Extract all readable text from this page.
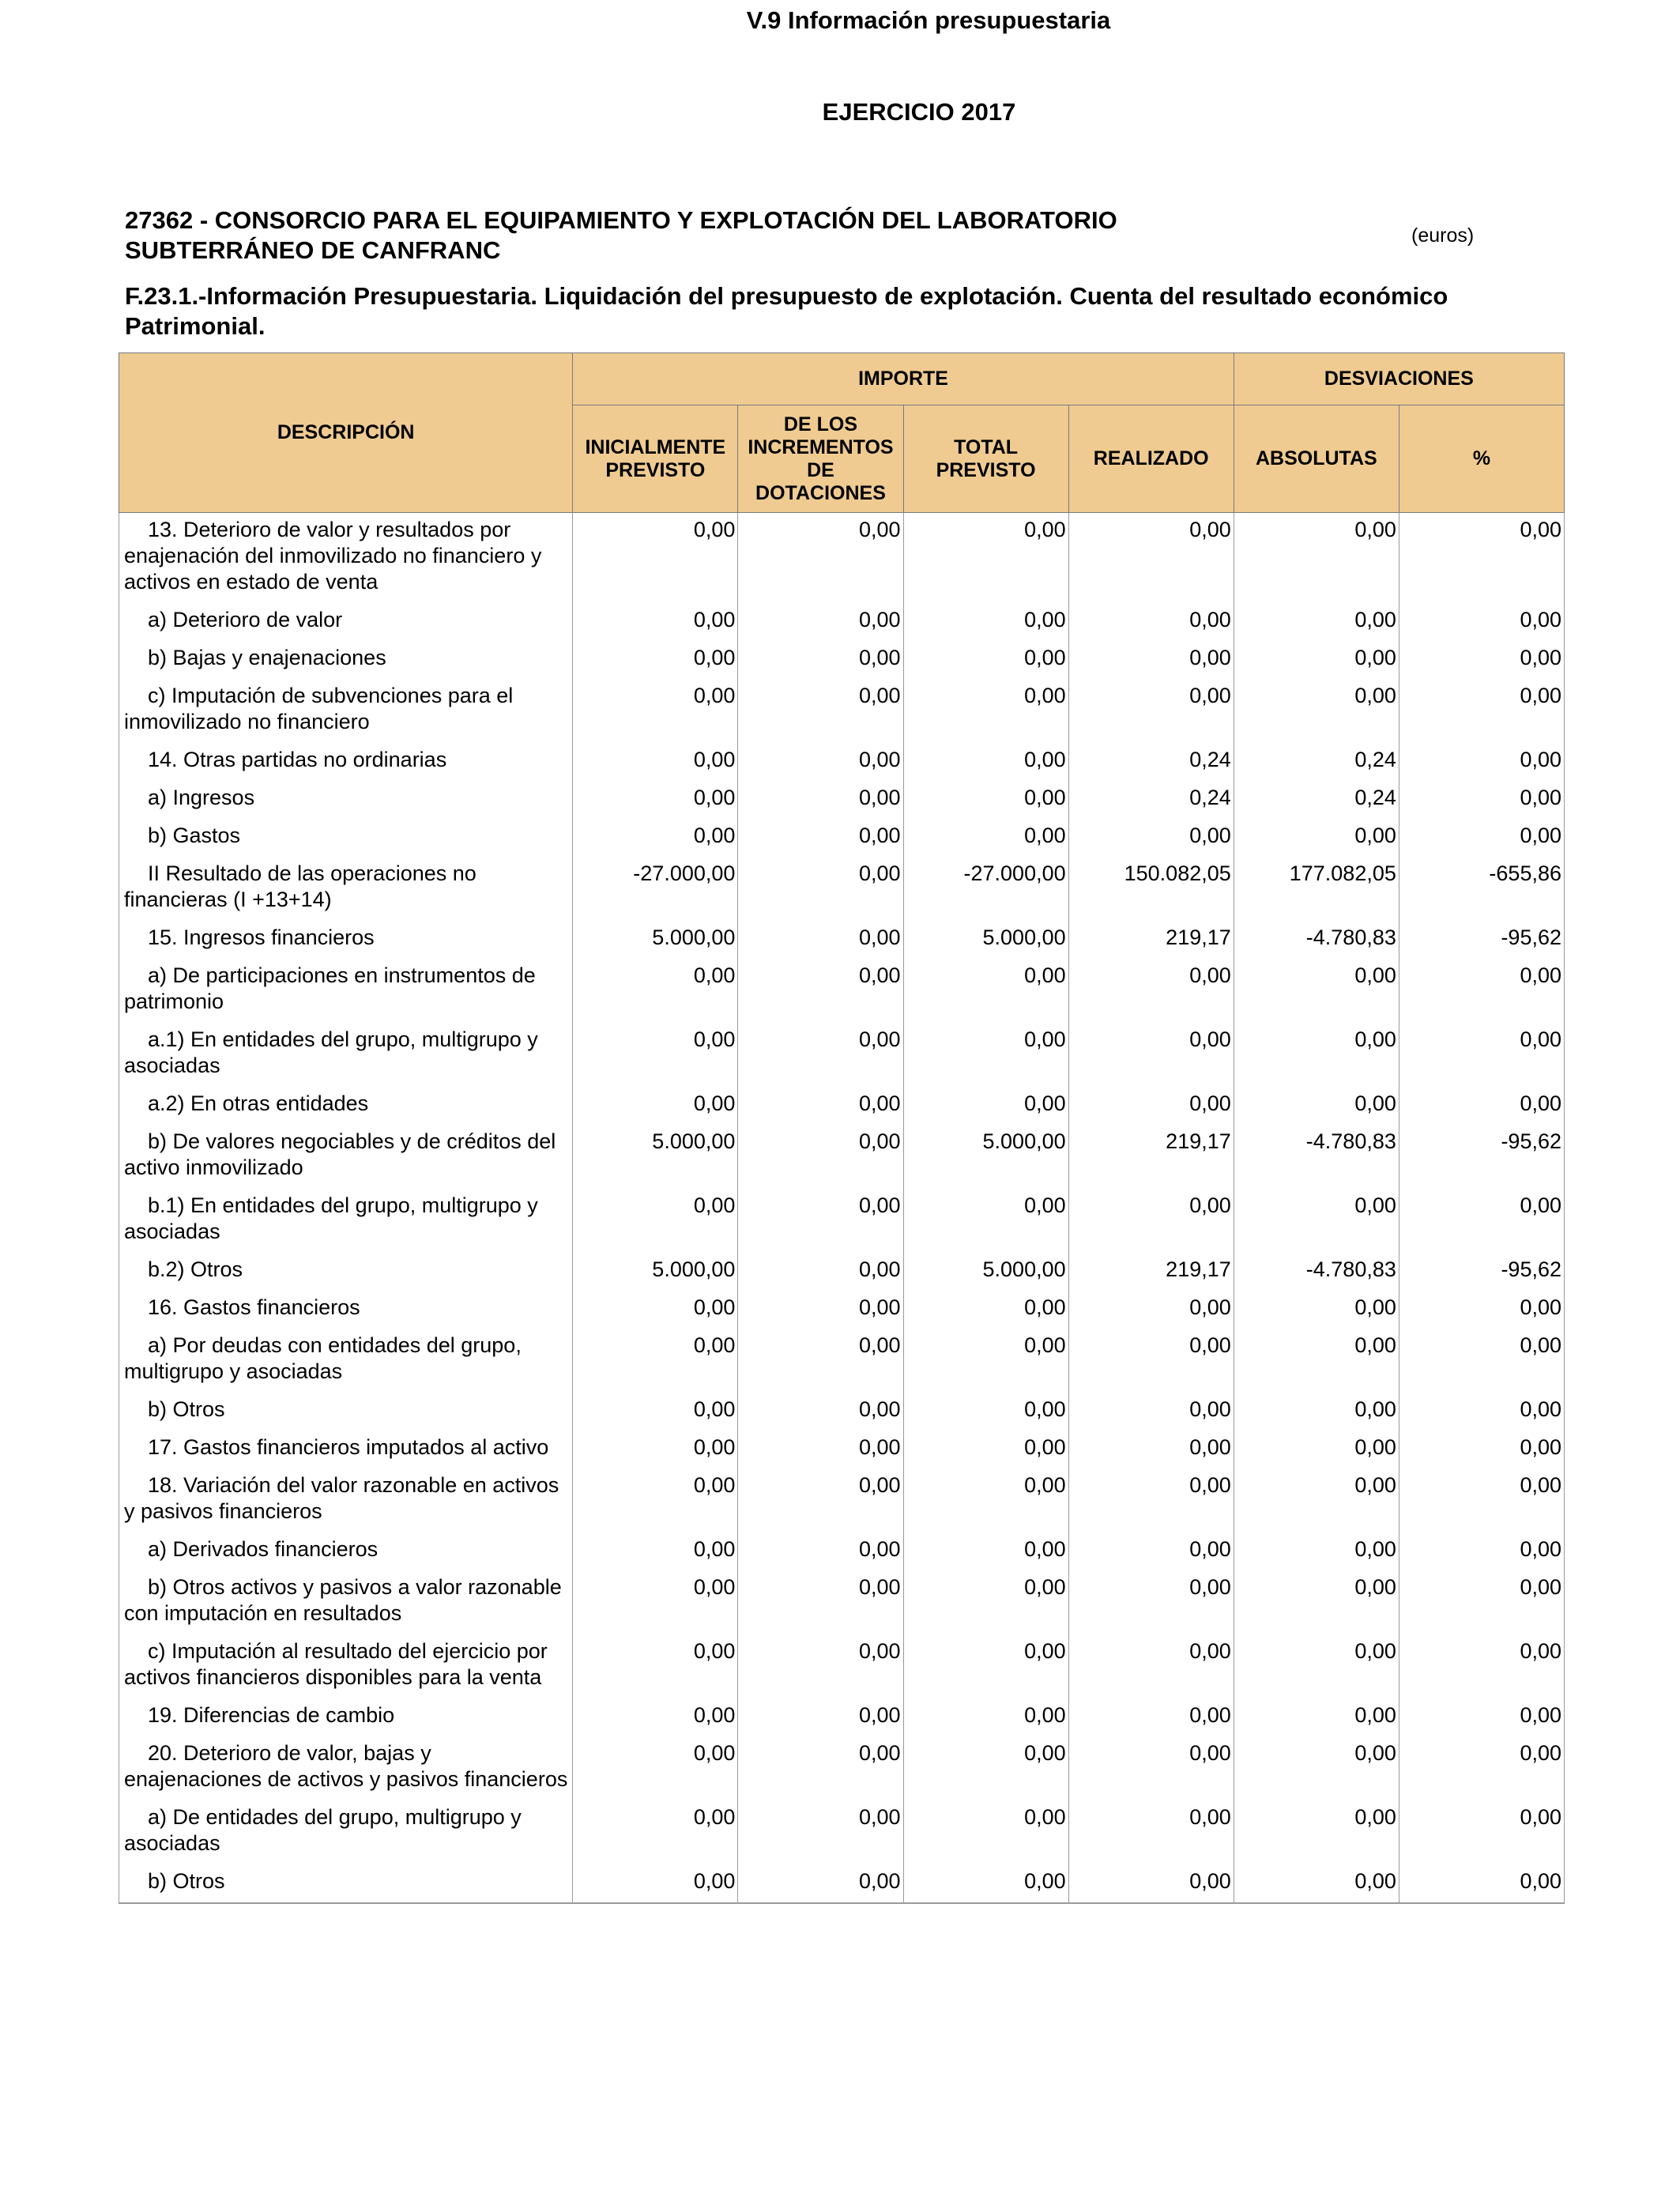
V.9 Información presupuestaria
EJERCICIO 2017
27362 - CONSORCIO PARA EL EQUIPAMIENTO Y EXPLOTACIÓN DEL LABORATORIO
SUBTERRÁNEO DE CANFRANC
(euros)
F.23.1.-Información Presupuestaria. Liquidación del presupuesto de explotación. Cuenta del resultado económico Patrimonial.
DESCRIPCIÓN	IMPORTE				DESVIACIONES	
	INICIALMENTE PREVISTO	DE LOS INCREMENTOS DE DOTACIONES	TOTAL PREVISTO	REALIZADO	ABSOLUTAS	%
13. Deterioro de valor y resultados por enajenación del inmovilizado no financiero y activos en estado de venta	0,00	0,00	0,00	0,00	0,00	0,00
a) Deterioro de valor	0,00	0,00	0,00	0,00	0,00	0,00
b) Bajas y enajenaciones	0,00	0,00	0,00	0,00	0,00	0,00
c) Imputación de subvenciones para el inmovilizado no financiero	0,00	0,00	0,00	0,00	0,00	0,00
14. Otras partidas no ordinarias	0,00	0,00	0,00	0,24	0,24	0,00
a) Ingresos	0,00	0,00	0,00	0,24	0,24	0,00
b) Gastos	0,00	0,00	0,00	0,00	0,00	0,00
II Resultado de las operaciones no financieras (I +13+14)	-27.000,00	0,00	-27.000,00	150.082,05	177.082,05	-655,86
15. Ingresos financieros	5.000,00	0,00	5.000,00	219,17	-4.780,83	-95,62
a) De participaciones en instrumentos de patrimonio	0,00	0,00	0,00	0,00	0,00	0,00
a.1) En entidades del grupo, multigrupo y asociadas	0,00	0,00	0,00	0,00	0,00	0,00
a.2) En otras entidades	0,00	0,00	0,00	0,00	0,00	0,00
b) De valores negociables y de créditos del activo inmovilizado	5.000,00	0,00	5.000,00	219,17	-4.780,83	-95,62
b.1) En entidades del grupo, multigrupo y asociadas	0,00	0,00	0,00	0,00	0,00	0,00
b.2) Otros	5.000,00	0,00	5.000,00	219,17	-4.780,83	-95,62
16. Gastos financieros	0,00	0,00	0,00	0,00	0,00	0,00
a) Por deudas con entidades del grupo, multigrupo y asociadas	0,00	0,00	0,00	0,00	0,00	0,00
b) Otros	0,00	0,00	0,00	0,00	0,00	0,00
17. Gastos financieros imputados al activo	0,00	0,00	0,00	0,00	0,00	0,00
18. Variación del valor razonable en activos y pasivos financieros	0,00	0,00	0,00	0,00	0,00	0,00
a) Derivados financieros	0,00	0,00	0,00	0,00	0,00	0,00
b) Otros activos y pasivos a valor razonable con imputación en resultados	0,00	0,00	0,00	0,00	0,00	0,00
c) Imputación al resultado del ejercicio por activos financieros disponibles para la venta	0,00	0,00	0,00	0,00	0,00	0,00
19. Diferencias de cambio	0,00	0,00	0,00	0,00	0,00	0,00
20. Deterioro de valor, bajas y enajenaciones de activos y pasivos financieros	0,00	0,00	0,00	0,00	0,00	0,00
a) De entidades del grupo, multigrupo y asociadas	0,00	0,00	0,00	0,00	0,00	0,00
b) Otros	0,00	0,00	0,00	0,00	0,00	0,00
